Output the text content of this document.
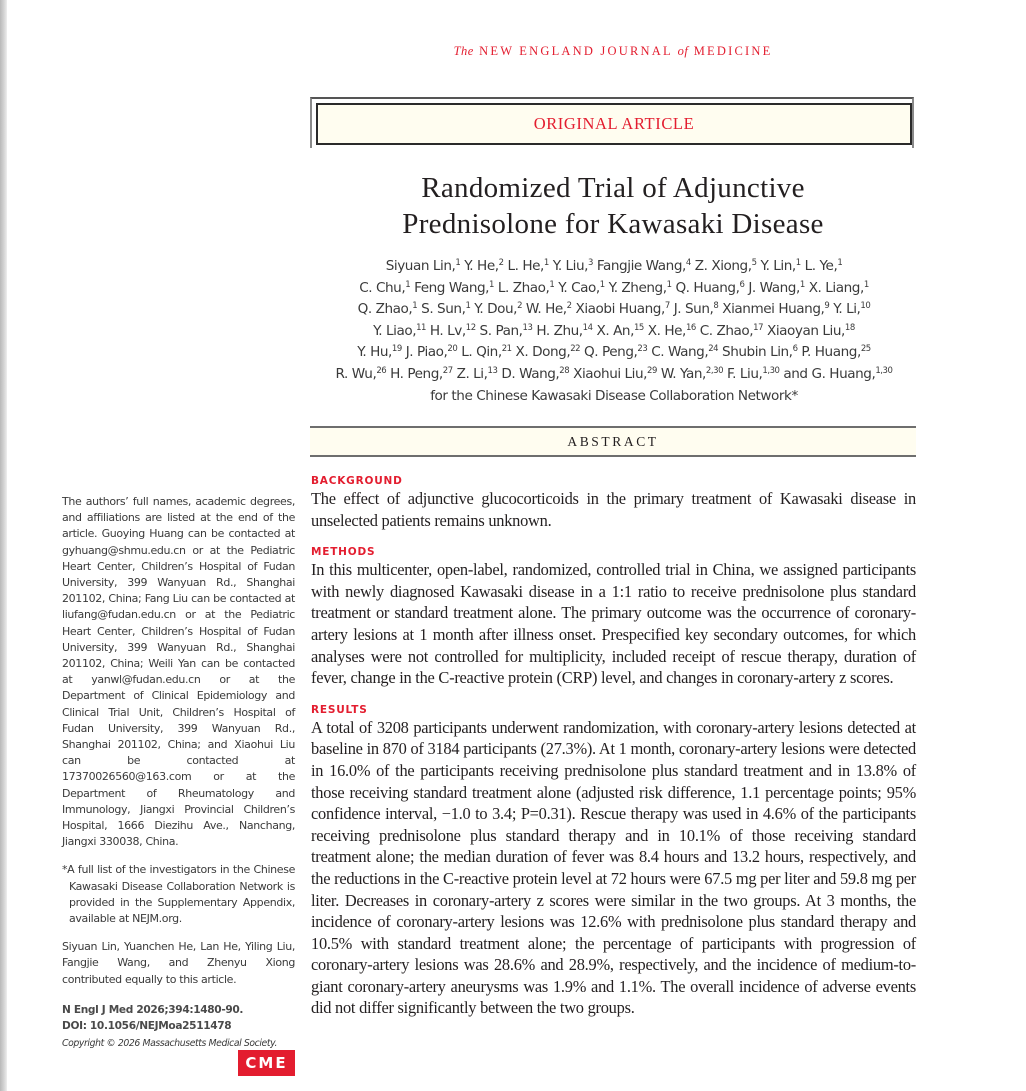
The NEW ENGLAND JOURNAL of MEDICINE
ORIGINAL ARTICLE
Randomized Trial of Adjunctive
Prednisolone for Kawasaki Disease
Siyuan Lin,$^1$ Y. He,$^2$ L. He,$^1$ Y. Liu,$^3$ Fangjie Wang,$^4$ Z. Xiong,$^5$ Y. Lin,$^1$ L. Ye,$^1$
C. Chu,$^1$ Feng Wang,$^1$ L. Zhao,$^1$ Y. Cao,$^1$ Y. Zheng,$^1$ Q. Huang,$^6$ J. Wang,$^1$ X. Liang,$^1$
Q. Zhao,$^1$ S. Sun,$^1$ Y. Dou,$^2$ W. He,$^2$ Xiaobi Huang,$^7$ J. Sun,$^8$ Xianmei Huang,$^9$ Y. Li,$^{10}$
Y. Liao,$^{11}$ H. Lv,$^{12}$ S. Pan,$^{13}$ H. Zhu,$^{14}$ X. An,$^{15}$ X. He,$^{16}$ C. Zhao,$^{17}$ Xiaoyan Liu,$^{18}$
Y. Hu,$^{19}$ J. Piao,$^{20}$ L. Qin,$^{21}$ X. Dong,$^{22}$ Q. Peng,$^{23}$ C. Wang,$^{24}$ Shubin Lin,$^6$ P. Huang,$^{25}$
R. Wu,$^{26}$ H. Peng,$^{27}$ Z. Li,$^{13}$ D. Wang,$^{28}$ Xiaohui Liu,$^{29}$ W. Yan,$^{2,30}$ F. Liu,$^{1,30}$ and G. Huang,$^{1,30}$
for the Chinese Kawasaki Disease Collaboration Network*
ABSTRACT
BACKGROUND

The effect of adjunctive glucocorticoids in the primary treatment of Kawasaki disease in unselected patients remains unknown.

METHODS

In this multicenter, open-label, randomized, controlled trial in China, we assigned participants with newly diagnosed Kawasaki disease in a 1:1 ratio to receive prednisolone plus standard treatment or standard treatment alone. The primary outcome was the occurrence of coronary-artery lesions at 1 month after illness onset. Prespecified key secondary outcomes, for which analyses were not controlled for multiplicity, included receipt of rescue therapy, duration of fever, change in the C-reactive protein (CRP) level, and changes in coronary-artery z scores.

RESULTS

A total of 3208 participants underwent randomization, with coronary-artery lesions detected at baseline in 870 of 3184 participants (27.3%). At 1 month, coronary-artery lesions were detected in 16.0% of the participants receiving prednisolone plus standard treatment and in 13.8% of those receiving standard treatment alone (adjusted risk difference, 1.1 percentage points; 95% confidence interval, −1.0 to 3.4; P=0.31). Rescue therapy was used in 4.6% of the participants receiving prednisolone plus standard therapy and in 10.1% of those receiving standard treatment alone; the median duration of fever was 8.4 hours and 13.2 hours, respectively, and the reductions in the C-reactive protein level at 72 hours were 67.5 mg per liter and 59.8 mg per liter. Decreases in coronary-artery z scores were similar in the two groups. At 3 months, the incidence of coronary-artery lesions was 12.6% with prednisolone plus standard therapy and 10.5% with standard treatment alone; the percentage of participants with progression of coronary-artery lesions was 28.6% and 28.9%, respectively, and the incidence of medium-to-giant coronary-artery aneurysms was 1.9% and 1.1%. The overall incidence of adverse events did not differ significantly between the two groups.

The authors’ full names, academic degrees, and affiliations are listed at the end of the article. Guoying Huang can be contacted at gyhuang@shmu.edu.cn or at the Pediatric Heart Center, Children’s Hospital of Fudan University, 399 Wanyuan Rd., Shanghai 201102, China; Fang Liu can be contacted at liufang@fudan.edu.cn or at the Pediatric Heart Center, Children’s Hospital of Fudan University, 399 Wanyuan Rd., Shanghai 201102, China; Weili Yan can be contacted at yanwl@fudan.edu.cn or at the Department of Clinical Epidemiology and Clinical Trial Unit, Children’s Hospital of Fudan University, 399 Wanyuan Rd., Shanghai 201102, China; and Xiaohui Liu can be contacted at 17370026560@163.com or at the Department of Rheumatology and Immunology, Jiangxi Provincial Children’s Hospital, 1666 Diezihu Ave., Nanchang, Jiangxi 330038, China.

*A full list of the investigators in the Chinese Kawasaki Disease Collaboration Network is provided in the Supplementary Appendix, available at NEJM.org.

Siyuan Lin, Yuanchen He, Lan He, Yiling Liu, Fangjie Wang, and Zhenyu Xiong contributed equally to this article.

N Engl J Med 2026;394:1480-90.

DOI: 10.1056/NEJMoa2511478

Copyright © 2026 Massachusetts Medical Society.

CME
